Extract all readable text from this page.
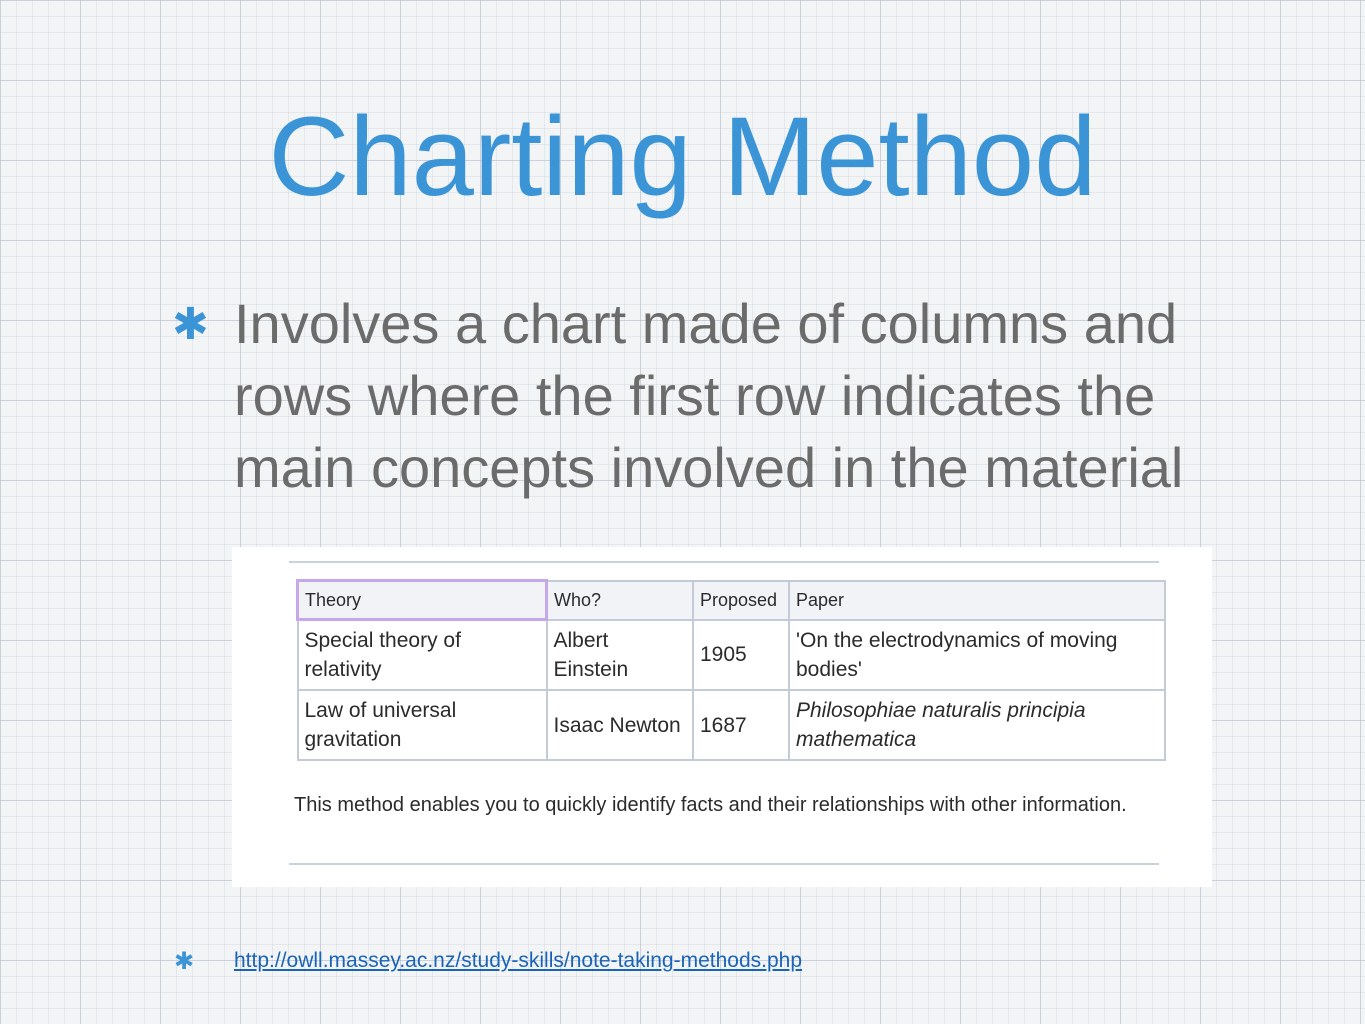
Charting Method
✱ Involves a chart made of columns and rows where the first row indicates the main concepts involved in the material
Theory	Who?	Proposed	Paper
Special theory of relativity	Albert Einstein	1905	'On the electrodynamics of moving bodies'
Law of universal gravitation	Isaac Newton	1687	Philosophiae naturalis principia mathematica
This method enables you to quickly identify facts and their relationships with other information.
✱ http://owll.massey.ac.nz/study-skills/note-taking-methods.php
